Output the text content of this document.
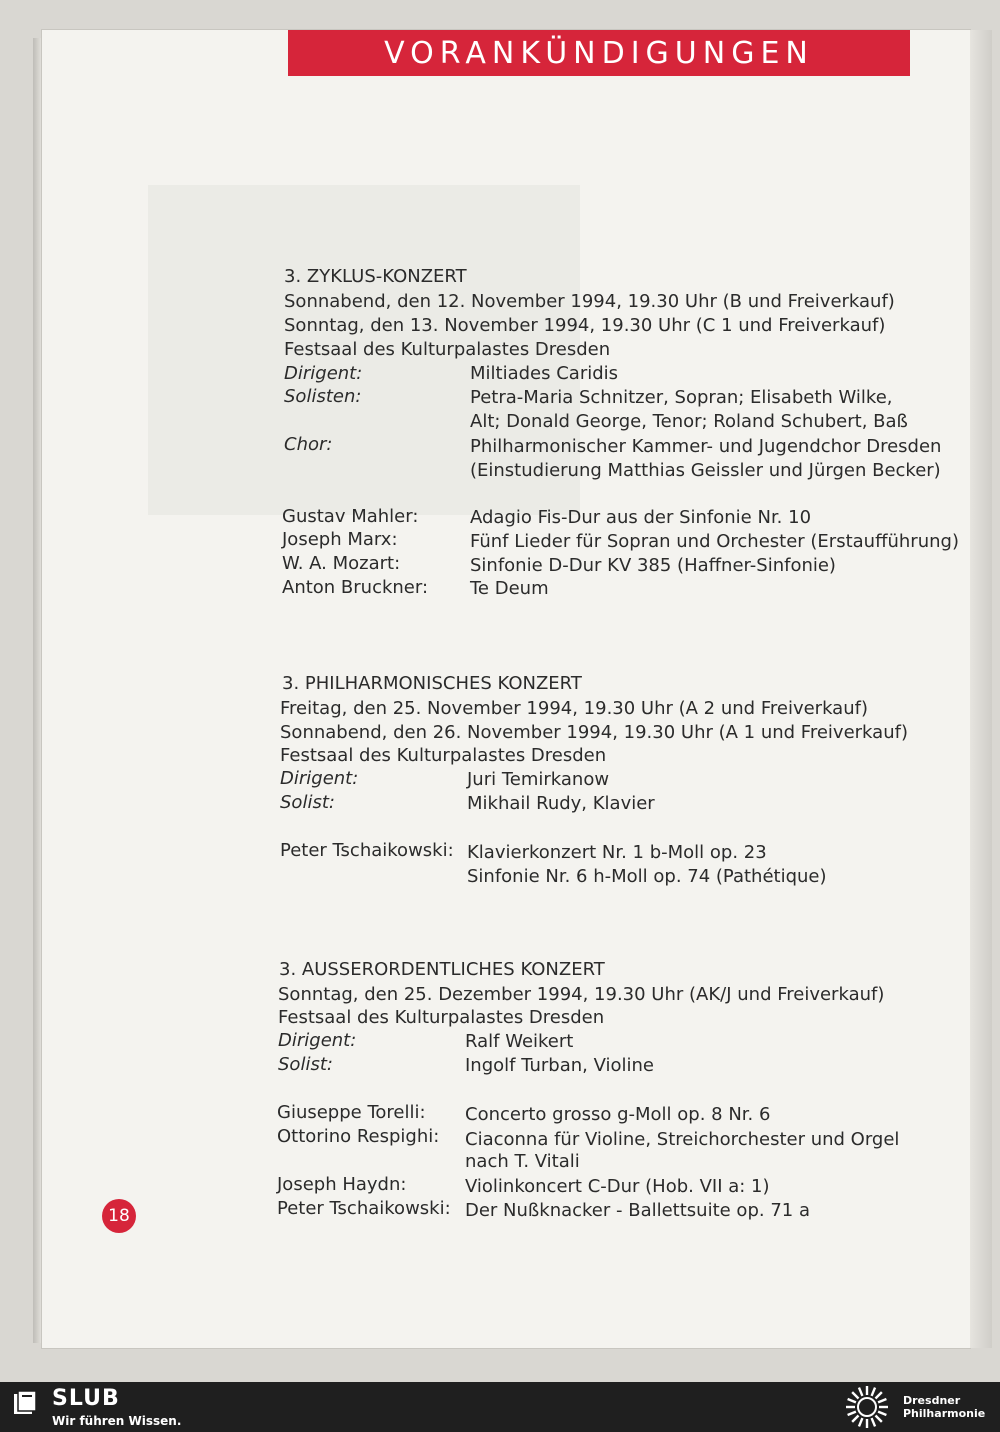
VORANKÜNDIGUNGEN
3. ZYKLUS-KONZERT
Sonnabend, den 12. November 1994, 19.30 Uhr (B und Freiverkauf)
Sonntag, den 13. November 1994, 19.30 Uhr (C 1 und Freiverkauf)
Festsaal des Kulturpalastes Dresden
Dirigent:	Miltiades Caridis
Solisten:	Petra-Maria Schnitzer, Sopran; Elisabeth Wilke,
Alt; Donald George, Tenor; Roland Schubert, Baß
Chor:	Philharmonischer Kammer- und Jugendchor Dresden
(Einstudierung Matthias Geissler und Jürgen Becker)
Gustav Mahler:	Adagio Fis-Dur aus der Sinfonie Nr. 10
Joseph Marx:	Fünf Lieder für Sopran und Orchester (Erstaufführung)
W. A. Mozart:	Sinfonie D-Dur KV 385 (Haffner-Sinfonie)
Anton Bruckner: Te Deum
3. PHILHARMONISCHES KONZERT
Freitag, den 25. November 1994, 19.30 Uhr (A 2 und Freiverkauf)
Sonnabend, den 26. November 1994, 19.30 Uhr (A 1 und Freiverkauf)
Festsaal des Kulturpalastes Dresden
Dirigent:	Juri Temirkanow
Solist:	Mikhail Rudy, Klavier
Peter Tschaikowski: Klavierkonzert Nr. 1 b-Moll op. 23
Sinfonie Nr. 6 h-Moll op. 74 (Pathétique)
3. AUSSERORDENTLICHES KONZERT
Sonntag, den 25. Dezember 1994, 19.30 Uhr (AK/J und Freiverkauf)
Festsaal des Kulturpalastes Dresden
Dirigent:	Ralf Weikert
Solist:	Ingolf Turban, Violine
Giuseppe Torelli: Concerto grosso g-Moll op. 8 Nr. 6
Ottorino Respighi: Ciaconna für Violine, Streichorchester und Orgel
nach T. Vitali
Joseph Haydn:	Violinkoncert C-Dur (Hob. VII a: 1)
Peter Tschaikowski: Der Nußknacker - Ballettsuite op. 71 a
18
SLUB
Wir führen Wissen.
Dresdner
Philharmonie
